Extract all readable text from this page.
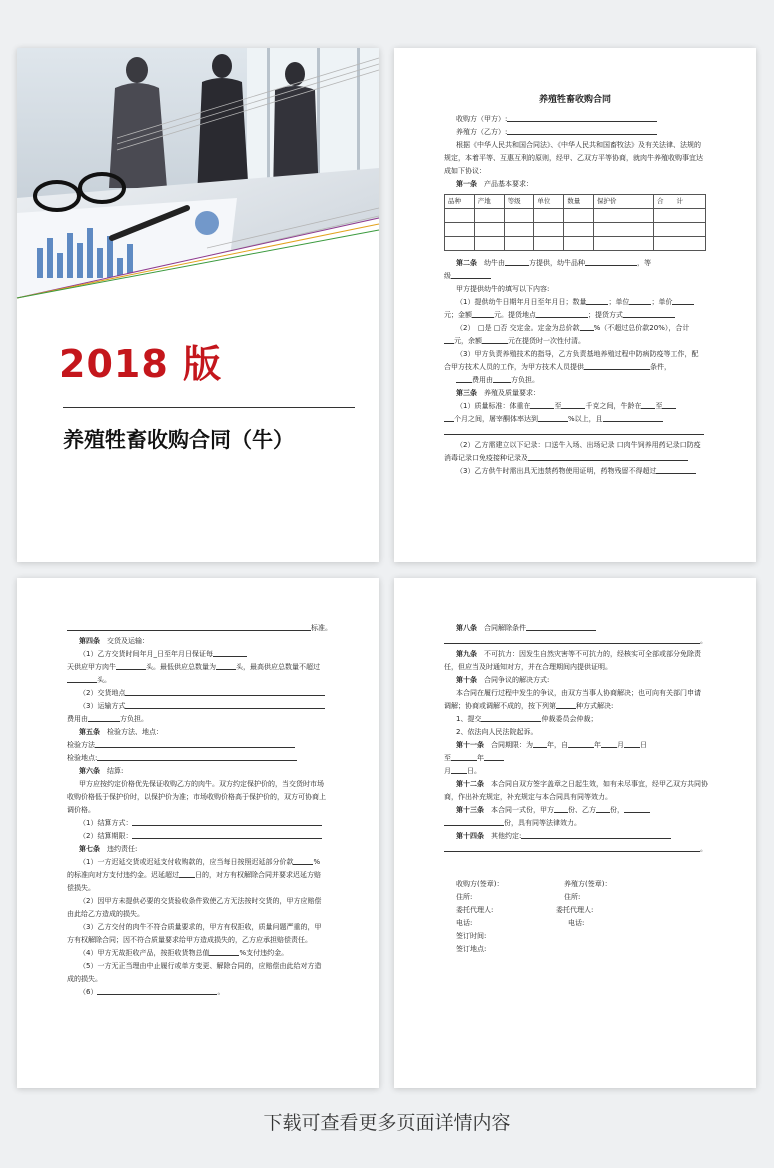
2018 版
养殖牲畜收购合同（牛）
养殖牲畜收购合同
收购方（甲方）:
养殖方（乙方）:
根据《中华人民共和国合同法》、《中华人民共和国畜牧法》及有关法律、法规的
规定，本着平等、互惠互利的原则，经甲、乙双方平等协商，就肉牛养殖收购事宜达
成如下协议：
第一条　 产品基本要求：
品种	产地	等级	单位	数量	保护价	合　　计

第二条　 幼牛由	方提供，幼牛品种	，等
级
甲方提供幼牛的填写以下内容:
（1）提供幼牛日期年月日至年月日；数量	；单位	；单价
元；金额	元。提货地点	；提货方式
（2）　□是 □否 交定金。定金为总价款 %（不超过总价款20%），合计
元，余额	元在提货时一次性付清。
（3）甲方负责养殖技术的指导，乙方负责基地养殖过程中防病防疫等工作，配
合甲方技术人员的工作，为甲方技术人员提供	条件，
费用由	方负担。
第三条　 养殖及质量要求：
（1）质量标准：体重在	至	千克之间，牛龄在 至
个月之间，屠宰酮体率达到	%以上，且
（2）乙方需建立以下记录：口送牛入场、出场记录 口肉牛饲养用药记录口防疫
消毒记录口免疫接种记录及
（3）乙方供牛时需出具无违禁药物使用证明，药物残留不得超过
标准。
第四条　 交货及运输：
（1）乙方交货时间年月_日至年月日保证每
天供应甲方肉牛	头。最低供应总数量为	头，最高供应总数量不超过
头。
（2）交货地点
（3）运输方式
费用由	方负担。
第五条　 检验方法、地点：
检验方法
检验地点:
第六条　 结算:
甲方应按约定价格优先保证收购乙方的肉牛。双方约定保护价的，当交货时市场
收购价格低于保护价时，以保护价为准；市场收购价格高于保护价的，双方可协商上
调价格。
（1）结算方式：
（2）结算期限：
第七条　 违约责任:
（1）一方迟延交货或迟延支付收购款的，应当每日按照迟延部分价款	%
的标准向对方支付违约金。迟延超过 日的，对方有权解除合同并要求迟延方赔
偿损失。
（2）因甲方未提供必要的交货验收条件致使乙方无法按时交货的，甲方应赔偿
由此给乙方造成的损失。
（3）乙方交付的肉牛不符合质量要求的，甲方有权拒收，质量问题严重的，甲
方有权解除合同；因不符合质量要求给甲方造成损失的，乙方应承担赔偿责任。
（4）甲方无故拒收产品，按拒收货物总值	%支付违约金。
（5）一方无正当理由中止履行或单方变更、解除合同的，应赔偿由此给对方造
成的损失。
（6）	。
第八条　 合同解除条件
。
第九条　 不可抗力：因发生自然灾害等不可抗力的，经核实可全部或部分免除责
任，但应当及时通知对方，并在合理期间内提供证明。
第十条　 合同争议的解决方式:
本合同在履行过程中发生的争议，由双方当事人协商解决；也可向有关部门申请
调解；协商或调解不成的，按下列第	种方式解决:
1、提交	仲裁委员会仲裁；
2、依法向人民法院起诉。
第十一条　 合同期限：为 年，自	年 月 日
至	年
月 日。
第十二条　 本合同自双方签字盖章之日起生效，如有未尽事宜，经甲乙双方共同协
商，作出补充规定，补充规定与本合同具有同等效力。
第十三条　 本合同一式份，甲方 份、乙方 份，
份，具有同等法律效力。
第十四条　 其他约定:
。
收购方(签章)：	养殖方(签章)：
住所:	住所:
委托代理人:	委托代理人:
电话:	电话:
签订时间:
签订地点:
下载可查看更多页面详情内容
